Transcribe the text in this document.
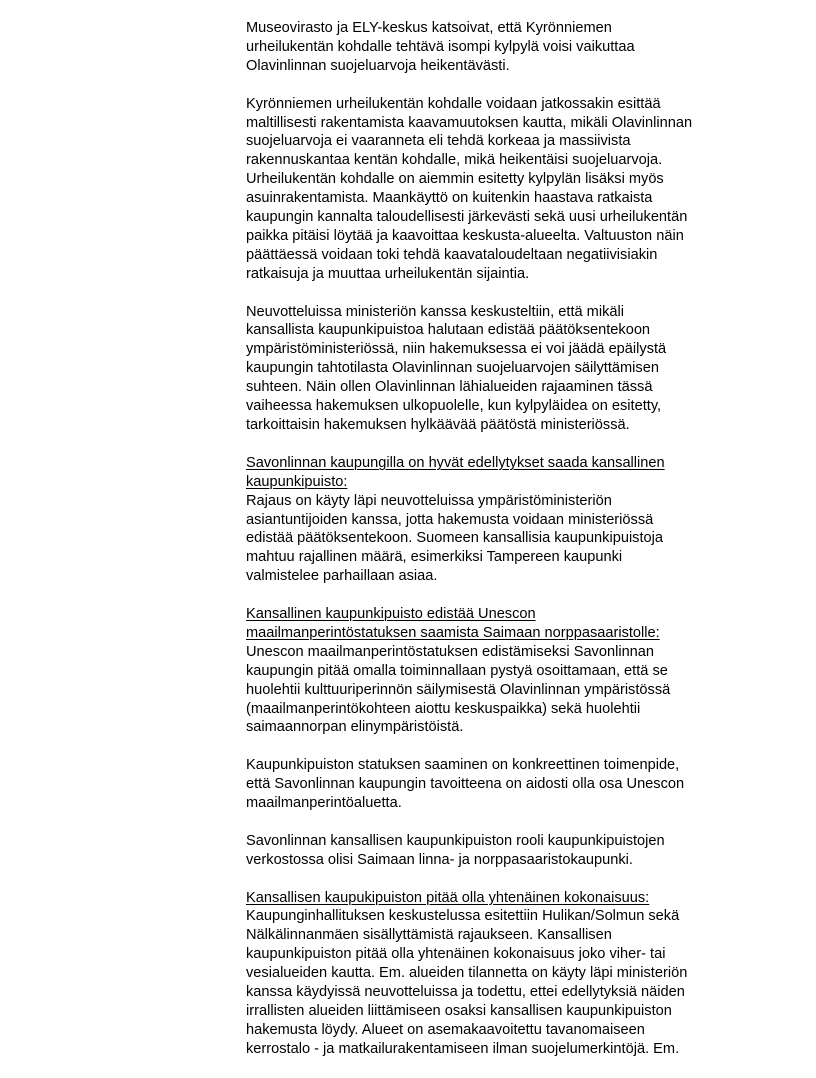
Museovirasto ja ELY-keskus katsoivat, että Kyrönniemen
urheilukentän kohdalle tehtävä isompi kylpylä voisi vaikuttaa
Olavinlinnan suojeluarvoja heikentävästi.
Kyrönniemen urheilukentän kohdalle voidaan jatkossakin esittää
maltillisesti rakentamista kaavamuutoksen kautta, mikäli Olavinlinnan
suojeluarvoja ei vaaranneta eli tehdä korkeaa ja massiivista
rakennuskantaa kentän kohdalle, mikä heikentäisi suojeluarvoja.
Urheilukentän kohdalle on aiemmin esitetty kylpylän lisäksi myös
asuinrakentamista. Maankäyttö on kuitenkin haastava ratkaista
kaupungin kannalta taloudellisesti järkevästi sekä uusi urheilukentän
paikka pitäisi löytää ja kaavoittaa keskusta-alueelta. Valtuuston näin
päättäessä voidaan toki tehdä kaavataloudeltaan negatiivisiakin
ratkaisuja ja muuttaa urheilukentän sijaintia.
Neuvotteluissa ministeriön kanssa keskusteltiin, että mikäli
kansallista kaupunkipuistoa halutaan edistää päätöksentekoon
ympäristöministeriössä, niin hakemuksessa ei voi jäädä epäilystä
kaupungin tahtotilasta Olavinlinnan suojeluarvojen säilyttämisen
suhteen. Näin ollen Olavinlinnan lähialueiden rajaaminen tässä
vaiheessa hakemuksen ulkopuolelle, kun kylpyläidea on esitetty,
tarkoittaisin hakemuksen hylkäävää päätöstä ministeriössä.
Savonlinnan kaupungilla on hyvät edellytykset saada kansallinen
kaupunkipuisto:
Rajaus on käyty läpi neuvotteluissa ympäristöministeriön
asiantuntijoiden kanssa, jotta hakemusta voidaan ministeriössä
edistää päätöksentekoon. Suomeen kansallisia kaupunkipuistoja
mahtuu rajallinen määrä, esimerkiksi Tampereen kaupunki
valmistelee parhaillaan asiaa.
Kansallinen kaupunkipuisto edistää Unescon
maailmanperintöstatuksen saamista Saimaan norppasaaristolle:
Unescon maailmanperintöstatuksen edistämiseksi Savonlinnan
kaupungin pitää omalla toiminnallaan pystyä osoittamaan, että se
huolehtii kulttuuriperinnön säilymisestä Olavinlinnan ympäristössä
(maailmanperintökohteen aiottu keskuspaikka) sekä huolehtii
saimaannorpan elinympäristöistä.
Kaupunkipuiston statuksen saaminen on konkreettinen toimenpide,
että Savonlinnan kaupungin tavoitteena on aidosti olla osa Unescon
maailmanperintöaluetta.
Savonlinnan kansallisen kaupunkipuiston rooli kaupunkipuistojen
verkostossa olisi Saimaan linna- ja norppasaaristokaupunki.
Kansallisen kaupukipuiston pitää olla yhtenäinen kokonaisuus:
Kaupunginhallituksen keskustelussa esitettiin Hulikan/Solmun sekä
Nälkälinnanmäen sisällyttämistä rajaukseen. Kansallisen
kaupunkipuiston pitää olla yhtenäinen kokonaisuus joko viher- tai
vesialueiden kautta. Em. alueiden tilannetta on käyty läpi ministeriön
kanssa käydyissä neuvotteluissa ja todettu, ettei edellytyksiä näiden
irrallisten alueiden liittämiseen osaksi kansallisen kaupunkipuiston
hakemusta löydy. Alueet on asemakaavoitettu tavanomaiseen
kerrostalo - ja matkailurakentamiseen ilman suojelumerkintöjä. Em.
